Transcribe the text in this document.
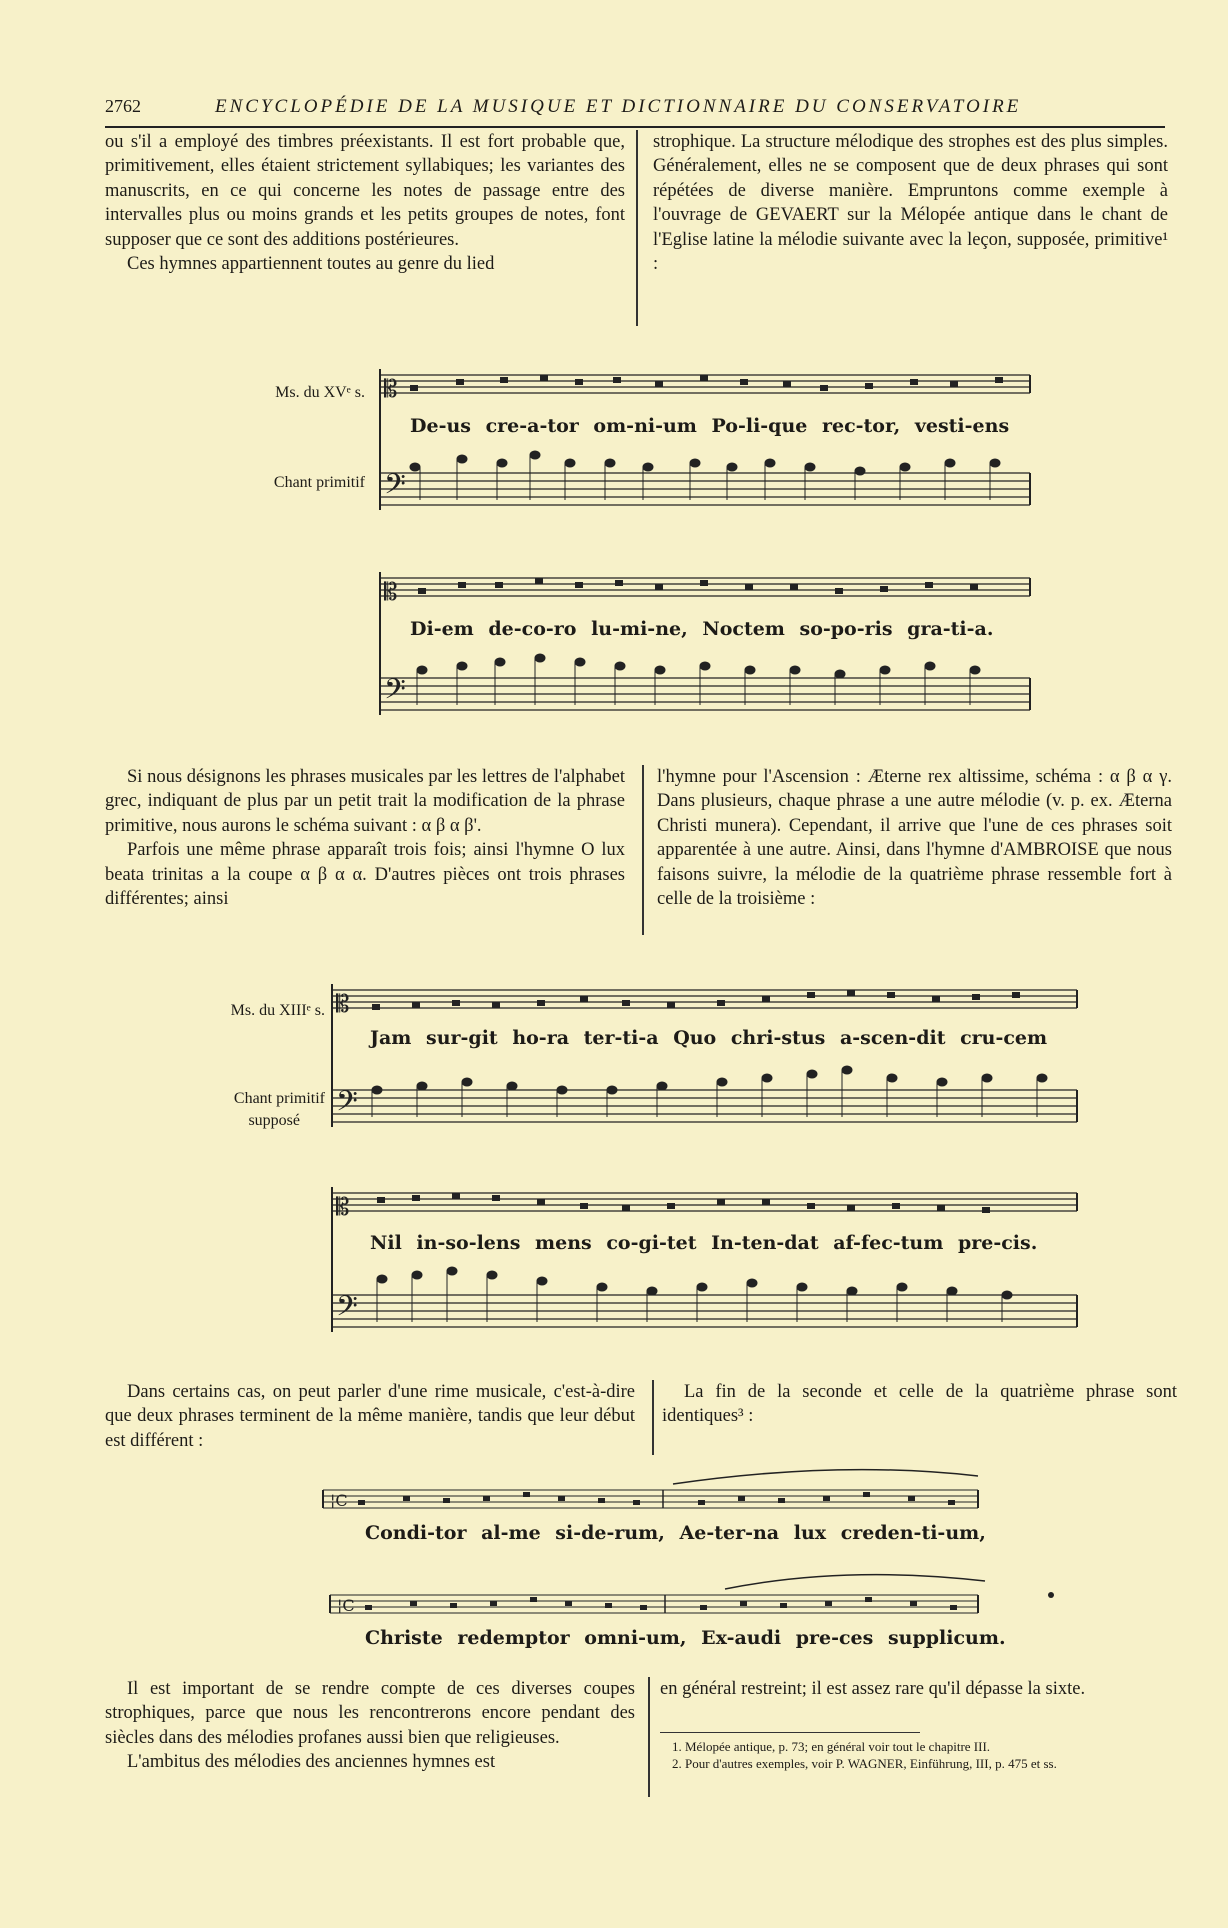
2762	ENCYCLOPÉDIE DE LA MUSIQUE ET DICTIONNAIRE DU CONSERVATOIRE

ou s'il a employé des timbres préexistants. Il est fort probable que, primitivement, elles étaient strictement syllabiques; les variantes des manuscrits, en ce qui concerne les notes de passage entre des intervalles plus ou moins grands et les petits groupes de notes, font supposer que ce sont des additions postérieures.

Ces hymnes appartiennent toutes au genre du lied

strophique. La structure mélodique des strophes est des plus simples. Généralement, elles ne se composent que de deux phrases qui sont répétées de diverse manière. Empruntons comme exemple à l'ouvrage de GEVAERT sur la Mélopée antique dans le chant de l'Eglise latine la mélodie suivante avec la leçon, supposée, primitive¹ :

Ms. du XVᵉ s.
Chant primitif 𝄢
𝄡
De-us cre-a-tor om-ni-um Po-li-que rec-tor, vesti-ens
𝄢
𝄡
Di-em de-co-ro lu-mi-ne, Noctem so-po-ris gra-ti-a.

Si nous désignons les phrases musicales par les lettres de l'alphabet grec, indiquant de plus par un petit trait la modification de la phrase primitive, nous aurons le schéma suivant : α β α β'.

Parfois une même phrase apparaît trois fois; ainsi l'hymne O lux beata trinitas a la coupe α β α α. D'autres pièces ont trois phrases différentes; ainsi

l'hymne pour l'Ascension : Æterne rex altissime, schéma : α β α γ. Dans plusieurs, chaque phrase a une autre mélodie (v. p. ex. Æterna Christi munera). Cependant, il arrive que l'une de ces phrases soit apparentée à une autre. Ainsi, dans l'hymne d'AMBROISE que nous faisons suivre, la mélodie de la quatrième phrase ressemble fort à celle de la troisième :

Ms. du XIIIᵉ s.
Chant primitif
supposé 𝄢
𝄡
Jam sur-git ho-ra ter-ti-a Quo chri-stus a-scen-dit cru-cem
𝄢
𝄡
Nil in-so-lens mens co-gi-tet In-ten-dat af-fec-tum pre-cis.

Dans certains cas, on peut parler d'une rime musicale, c'est-à-dire que deux phrases terminent de la même manière, tandis que leur début est différent :

La fin de la seconde et celle de la quatrième phrase sont identiques³ :

¦C
Condi-tor al-me si-de-rum, Ae-ter-na lux creden-ti-um,
¦C
Christe redemptor omni-um, Ex-audi pre-ces supplicum.

Il est important de se rendre compte de ces diverses coupes strophiques, parce que nous les rencontrerons encore pendant des siècles dans des mélodies profanes aussi bien que religieuses.

L'ambitus des mélodies des anciennes hymnes est

en général restreint; il est assez rare qu'il dépasse la sixte.

1. Mélopée antique, p. 73; en général voir tout le chapitre III.

2. Pour d'autres exemples, voir P. WAGNER, Einführung, III, p. 475 et ss.
